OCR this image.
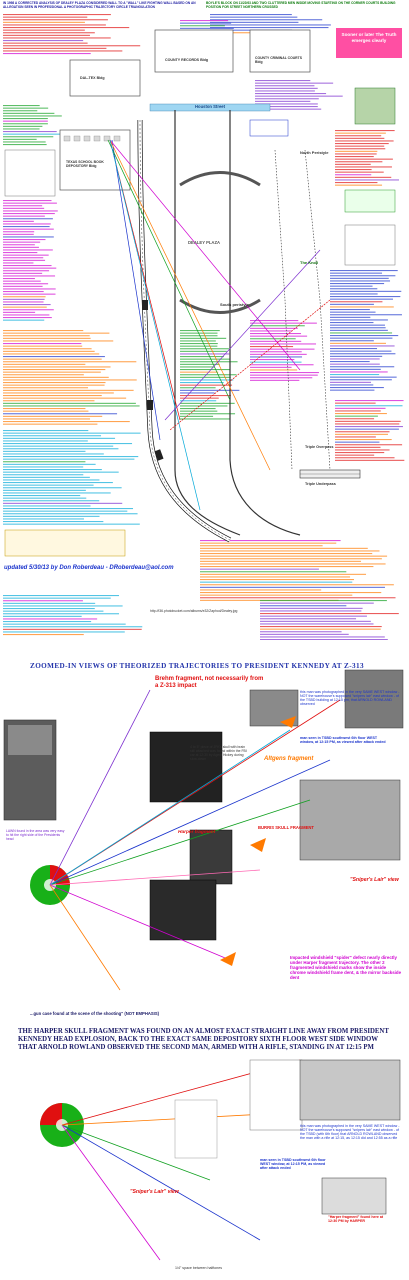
IN 1998 A CORRECTED ANALYSIS OF DEALEY PLAZA CONSIDERED WALL TO A "WALL" LIKE FIGHTING WALL BASED ON AN ALLEGATION SEEN IN PROFESSIONAL A PHOTOGRAPHIC TRAJECTORY CIRCLE TRIANGULATION
BOYLE'S BLOCK ON 11/22/63 AND TWO CLUTTERED MEN INSIDE MOVING STARTING ON THE CORNER COURTS BUILDING POSITION FOR STREET NORTHERN CROSSED
Sooner or later The Truth emerges clearly
Houston Street
COUNTY RECORDS Bldg	COUNTY CRIMINAL COURTS Bldg
DAL-TEX Bldg
TEXAS SCHOOL BOOK DEPOSITORY Bldg
North Peristyle
South peristyle
Triple Overpass
Triple Underpass
The Knoll
DEALEY PLAZA
updated 5/30/13 by Don Roberdeau - DRoberdeau@aol.com
http://i36.photobucket.com/albums/e32/Zaphod/Dealey.jpg
ZOOMED-IN VIEWS OF THEORIZED TRAJECTORIES TO PRESIDENT KENNEDY AT Z-313
Brehm fragment, not necessarily from a Z-313 impact
Altgens fragment
BURRIS SKULL FRAGMENT
Harper fragment
"Sniper's Lair" view
Impacted windshield "spider" defect nearly directly under Harper fragment trajectory. The other 2 fragmented windshield marks show the inside chrome windshield frame dent, & the mirror backside dent
man seen in TSBD southwest 6th floor WEST window, at 12:15 PM, as viewed after attack ended
this man was photographed in the very SAME WEST window - NOT the warehouse's supposed "snipers lair" east window - of the TSBD building at 12:15 pm, that ARNOLD ROWLAND observed
4 to 5" piece of JFK's skull with brain still attached was found within the FBI car at 12:30 by Agent Hickey during slow-down
LAWN found in the area was very easy to hit the right side of the Presidents head
...gun case found at the scene of the shooting" (NOT EMPHASIS)
THE HARPER SKULL FRAGMENT WAS FOUND ON AN ALMOST EXACT STRAIGHT LINE AWAY FROM PRESIDENT KENNEDY HEAD EXPLOSION, BACK TO THE EXACT SAME DEPOSITORY SIXTH FLOOR WEST SIDE WINDOW THAT ARNOLD ROWLAND OBSERVED THE SECOND MAN, ARMED WITH A RIFLE, STANDING IN AT 12:15 PM
"Sniper's Lair" view
"Harper fragment" found here at 12:30 PM by HARPER
this man was photographed in the very SAME WEST window - NOT the warehouse's supposed "snipers lair" east window - of the TSBD (with 6th floor) that ARNOLD ROWLAND observed the man with a rifle at 12:15, as 12:15 did and 12:55 as a rifle
man seen in TSBD southwest 6th floor WEST window, at 12:15 PM, as viewed after attack ended
1/4" space between halftones
